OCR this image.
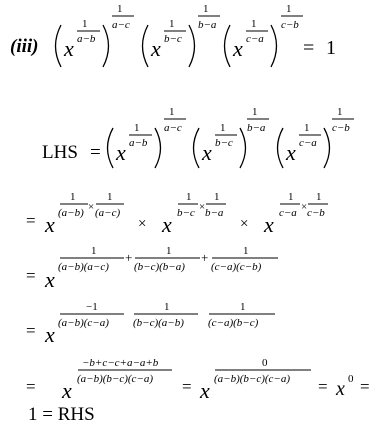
(iii) x
1
a−b
1
a−c
x
1
b−c
1
b−a
x
1
c−a
1
c−b
= 1
LHS = x
1
a−b
1
a−c
x
1
b−c
1
b−a
x
1
c−a
1
c−b
= x
1
(a−b) ×
1
(a−c)
× x
1
b−c ×
1
b−a
× x
1
c−a ×
1
c−b
= x
1
(a−b)(a−c)
+	1
(b−c)(b−a)
+	1
(c−a)(c−b)
= x
−1
(a−b)(c−a)
1
(b−c)(a−b)
1
(c−a)(b−c)
= x
−b+c−c+a−a+b
(a−b)(b−c)(c−a) = x
0
(a−b)(b−c)(c−a) = x 0 =
1 = RHS
